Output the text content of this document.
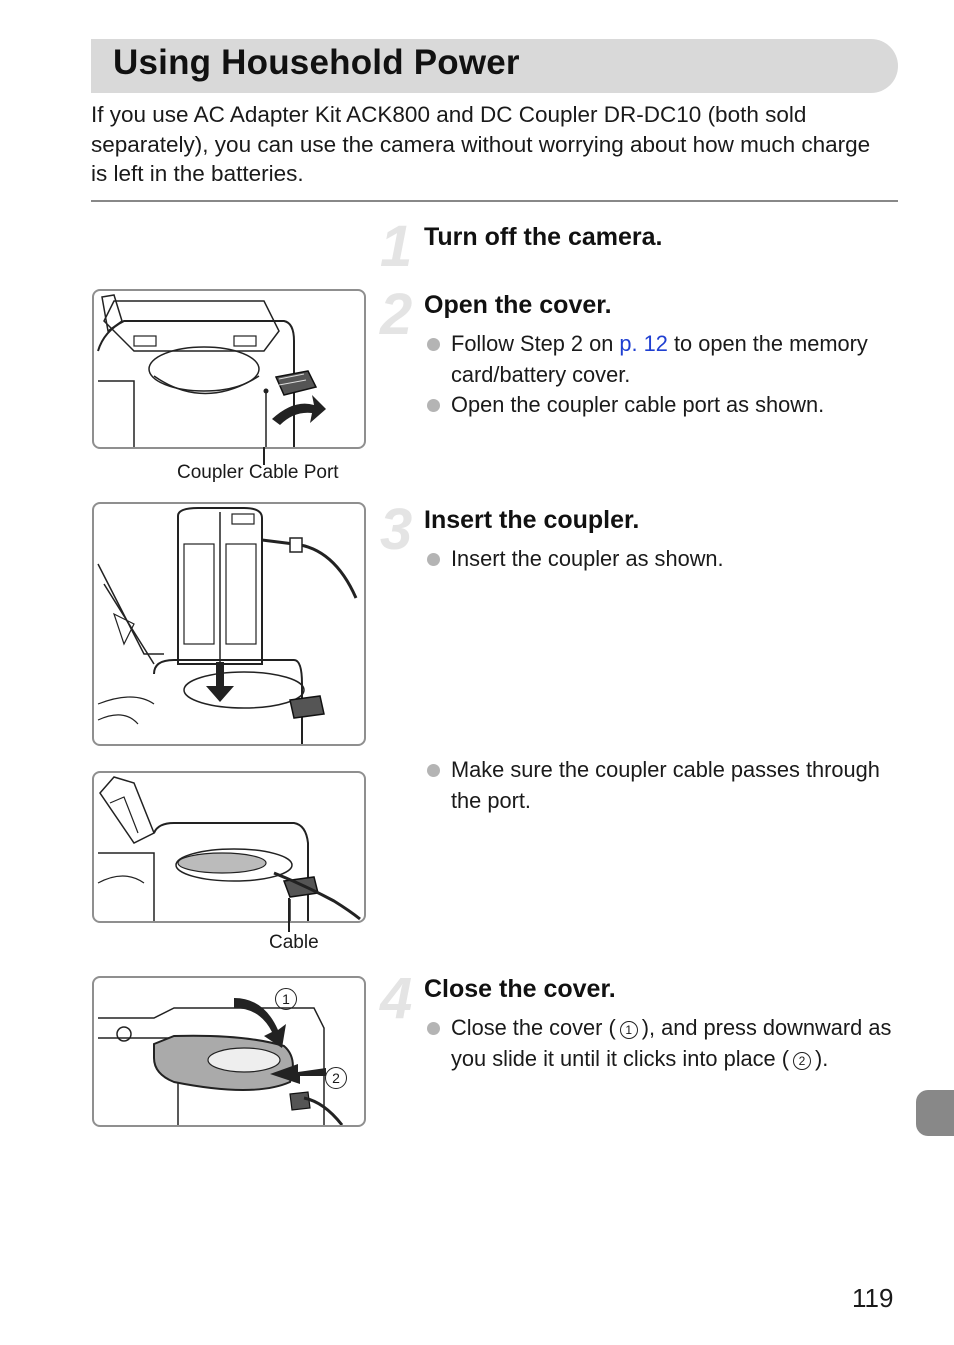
Using Household Power
If you use AC Adapter Kit ACK800 and DC Coupler DR-DC10 (both sold separately), you can use the camera without worrying about how much charge is left in the batteries.
1 Turn off the camera.
2 Open the cover.
Follow Step 2 on p. 12 to open the memory card/battery cover.
Open the coupler cable port as shown.
Coupler Cable Port
3 Insert the coupler.
Insert the coupler as shown.
Make sure the coupler cable passes through the port.
Cable
4 Close the cover.
Close the cover ( 1 ), and press downward as you slide it until it clicks into place ( 2 ).
1
2
119
